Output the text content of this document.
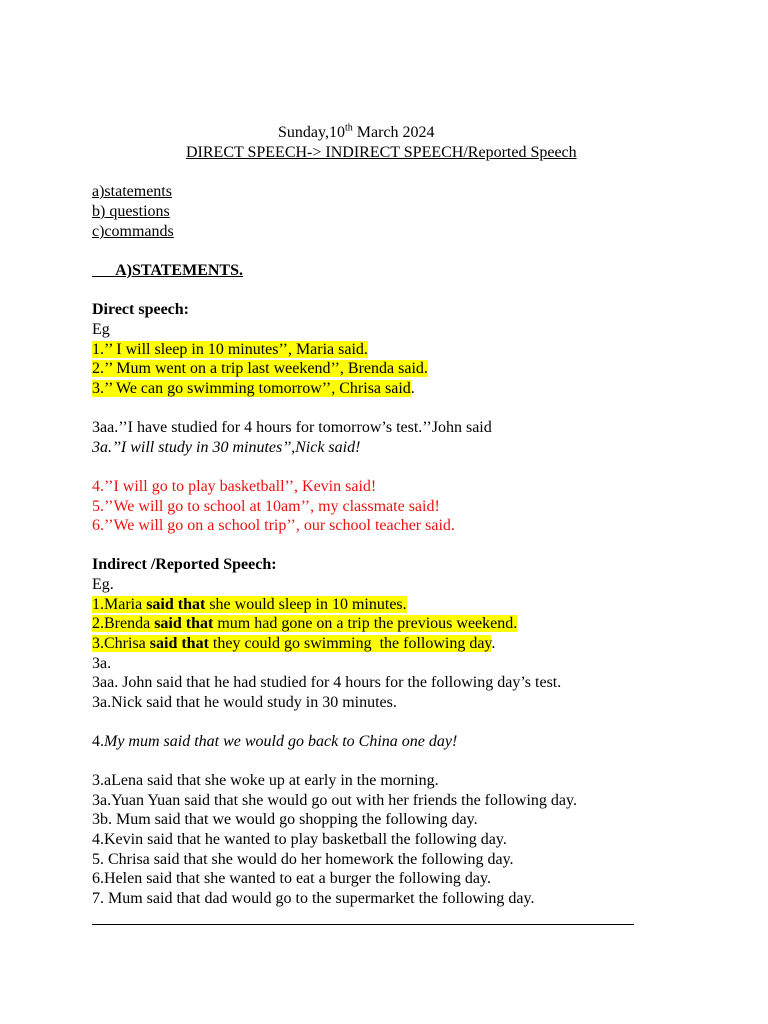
Sunday,10th March 2024
DIRECT SPEECH-> INDIRECT SPEECH/Reported Speech
a)statements
b) questions
c)commands
A)STATEMENTS.
Direct speech:
Eg
1.’’ I will sleep in 10 minutes’’, Maria said.
2.’’ Mum went on a trip last weekend’’, Brenda said.
3.’’ We can go swimming tomorrow’’, Chrisa said.
3aa.’’I have studied for 4 hours for tomorrow’s test.’’John said
3a.’’I will study in 30 minutes’’,Nick said!
4.’’I will go to play basketball’’, Kevin said!
5.’’We will go to school at 10am’’, my classmate said!
6.’’We will go on a school trip’’, our school teacher said.
Indirect /Reported Speech:
Eg.
1.Maria said that she would sleep in 10 minutes.
2.Brenda said that mum had gone on a trip the previous weekend.
3.Chrisa said that they could go swimming  the following day.
3a.
3aa. John said that he had studied for 4 hours for the following day’s test.
3a.Nick said that he would study in 30 minutes.
4.My mum said that we would go back to China one day!
3.aLena said that she woke up at early in the morning.
3a.Yuan Yuan said that she would go out with her friends the following day.
3b. Mum said that we would go shopping the following day.
4.Kevin said that he wanted to play basketball the following day.
5. Chrisa said that she would do her homework the following day.
6.Helen said that she wanted to eat a burger the following day.
7. Mum said that dad would go to the supermarket the following day.
